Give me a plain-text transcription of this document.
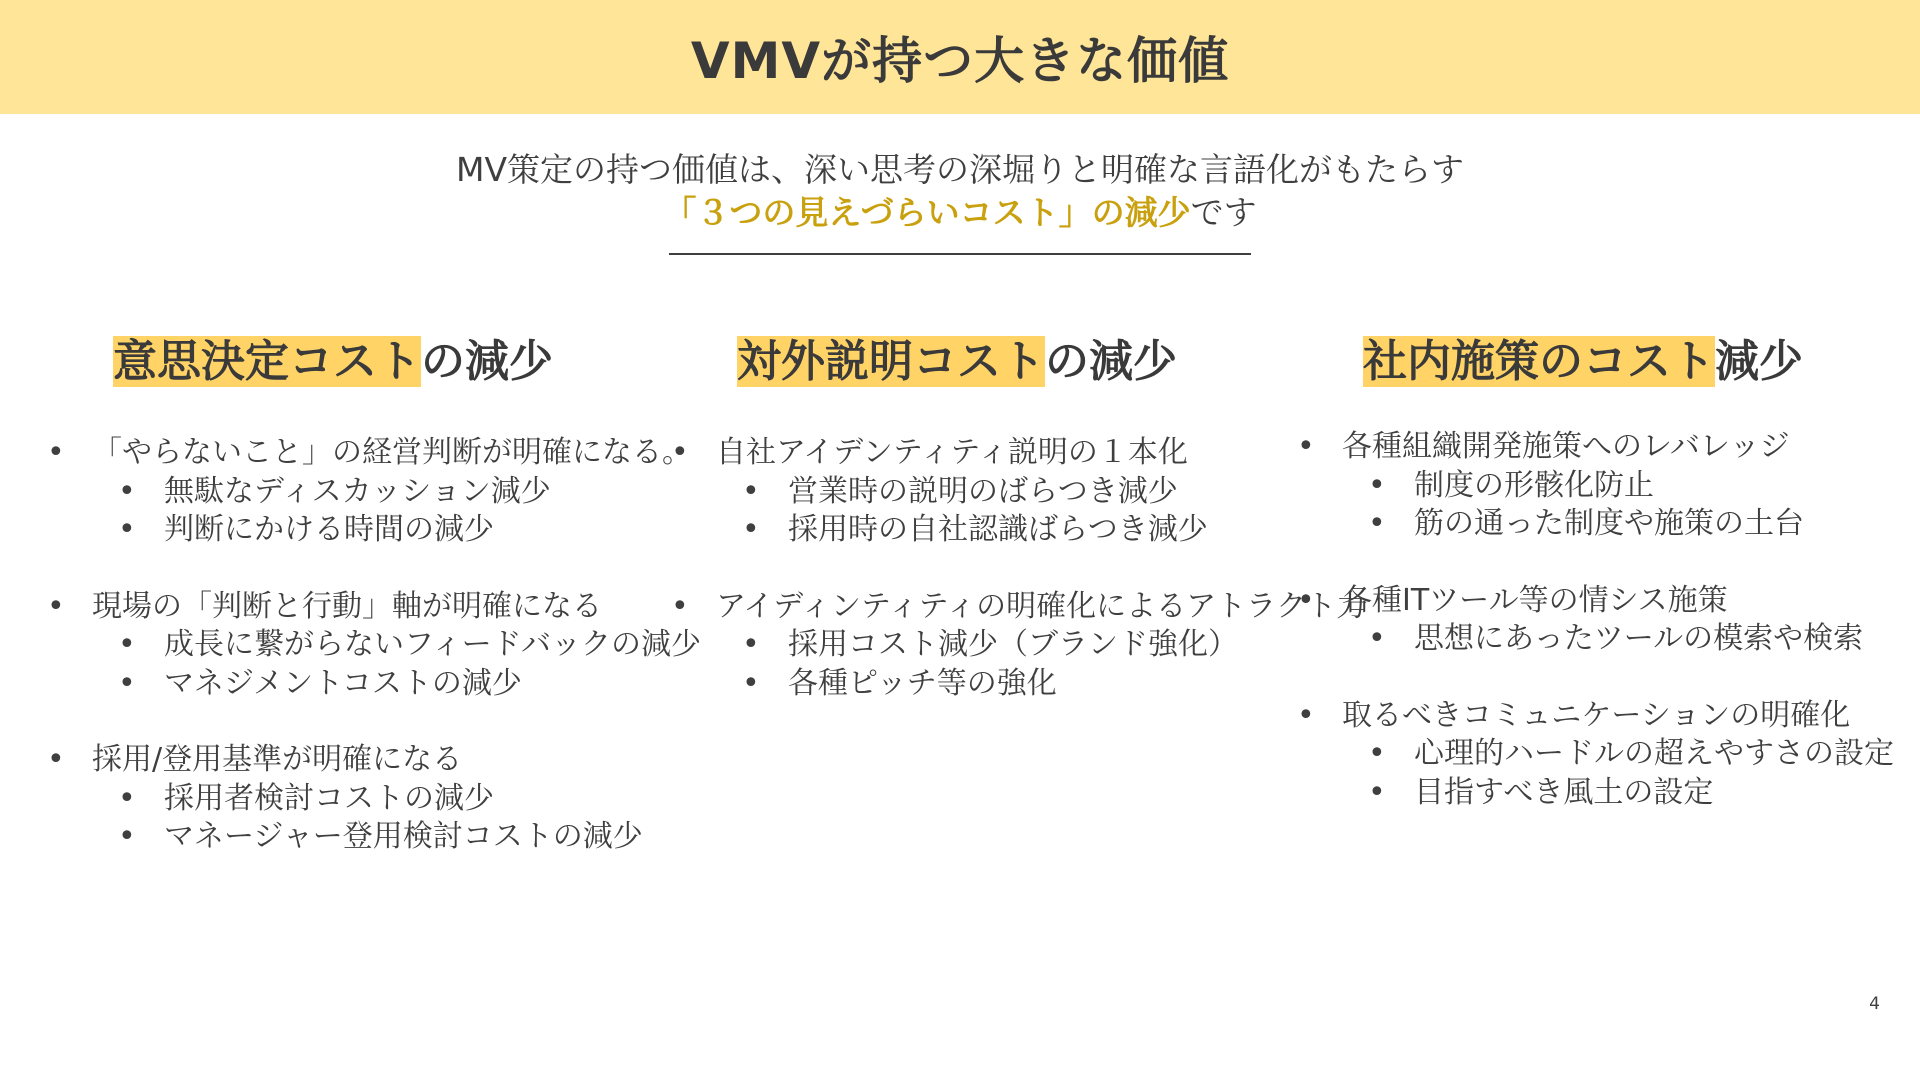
VMVが持つ大きな価値
MV策定の持つ価値は、深い思考の深堀りと明確な言語化がもたらす
「３つの見えづらいコスト」の減少です
意思決定コストの減少
• 「やらないこと」の経営判断が明確になる。
• 無駄なディスカッション減少
• 判断にかける時間の減少
• 現場の「判断と行動」軸が明確になる
• 成長に繋がらないフィードバックの減少
• マネジメントコストの減少
• 採用/登用基準が明確になる
• 採用者検討コストの減少
• マネージャー登用検討コストの減少
対外説明コストの減少
• 自社アイデンティティ説明の１本化
• 営業時の説明のばらつき減少
• 採用時の自社認識ばらつき減少
• アイディンティティの明確化によるアトラクト力
• 採用コスト減少（ブランド強化）
• 各種ピッチ等の強化
社内施策のコスト減少
• 各種組織開発施策へのレバレッジ
• 制度の形骸化防止
• 筋の通った制度や施策の土台
• 各種ITツール等の情シス施策
• 思想にあったツールの模索や検索
• 取るべきコミュニケーションの明確化
• 心理的ハードルの超えやすさの設定
• 目指すべき風土の設定
4
